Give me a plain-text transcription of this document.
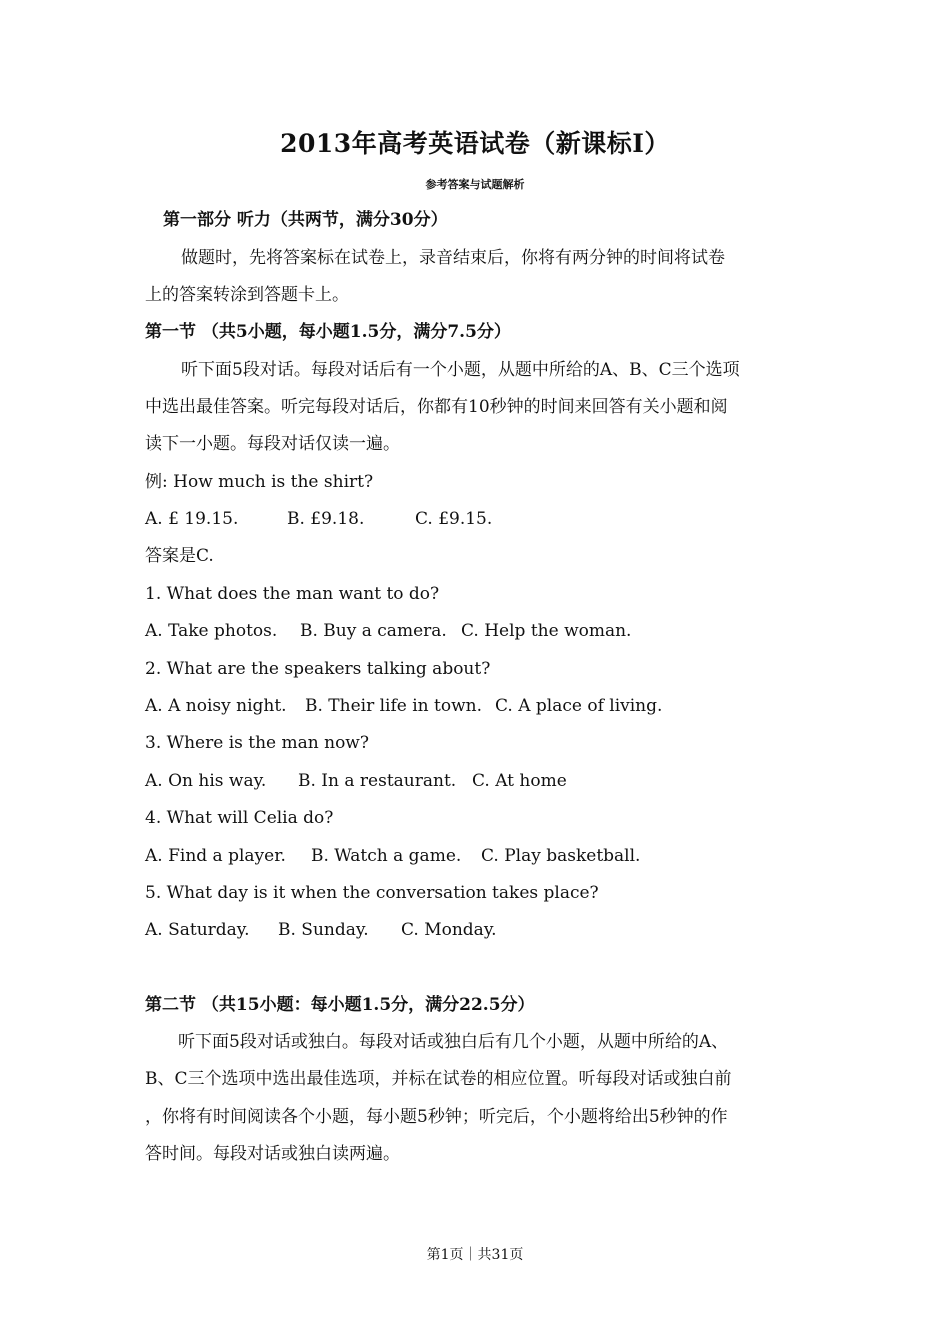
2013年高考英语试卷（新课标I）
参考答案与试题解析
第一部分 听力（共两节，满分30分）
做题时，先将答案标在试卷上，录音结束后，你将有两分钟的时间将试卷
上的答案转涂到答题卡上。
第一节 （共5小题，每小题1.5分，满分7.5分）
听下面5段对话。每段对话后有一个小题，从题中所给的A、B、C三个选项
中选出最佳答案。听完每段对话后，你都有10秒钟的时间来回答有关小题和阅
读下一小题。每段对话仅读一遍。
例: How much is the shirt?
A. £ 19.15.	B. £9.18.	C. £9.15.
答案是C.
1. What does the man want to do?
A. Take photos. B. Buy a camera. C. Help the woman.
2. What are the speakers talking about?
A. A noisy night. B. Their life in town. C. A place of living.
3. Where is the man now?
A. On his way. B. In a restaurant. C. At home
4. What will Celia do?
A. Find a player. B. Watch a game. C. Play basketball.
5. What day is it when the conversation takes place?
A. Saturday. B. Sunday. C. Monday.
第二节 （共15小题：每小题1.5分，满分22.5分）
听下面5段对话或独白。每段对话或独白后有几个小题，从题中所给的A、
B、C三个选项中选出最佳选项，并标在试卷的相应位置。听每段对话或独白前
，你将有时间阅读各个小题，每小题5秒钟；听完后，个小题将给出5秒钟的作
答时间。每段对话或独白读两遍。
第1页｜共31页
